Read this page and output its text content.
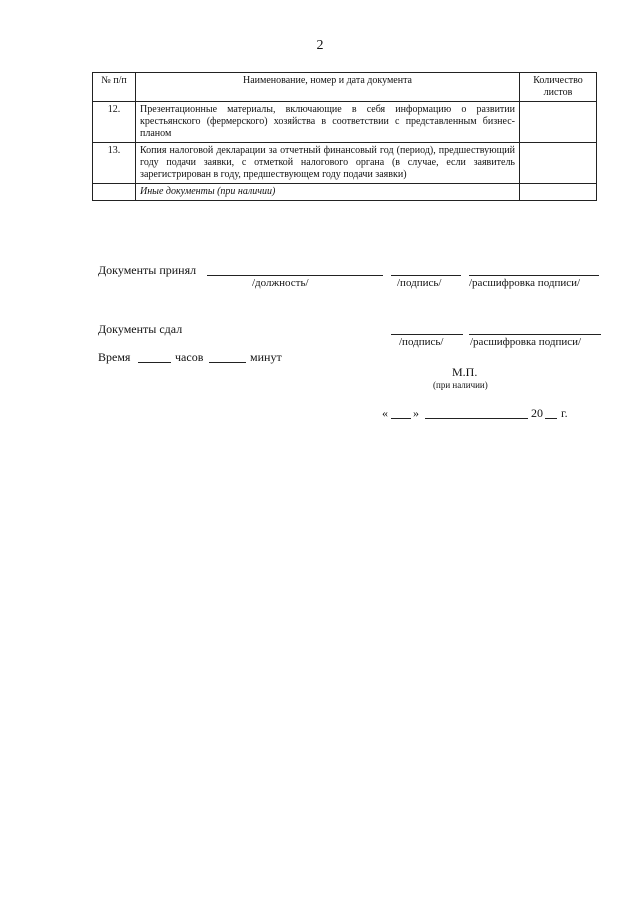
2
№ п/п	Наименование, номер и дата документа	Количество листов
12.	Презентационные материалы, включающие в себя информацию о развитии крестьянского (фермерского) хозяйства в соответствии с представленным бизнес-планом	
13.	Копия налоговой декларации за отчетный финансовый год (период), предшествующий году подачи заявки, с отметкой налогового органа (в случае, если заявитель зарегистрирован в году, предшествующем году подачи заявки)	
	Иные документы (при наличии)	
Документы принял
/должность/	/подпись/	/расшифровка подписи/
Документы сдал
/подпись/ /расшифровка подписи/
Время	часов	минут
М.П.
(при наличии)
« »	20 г.
